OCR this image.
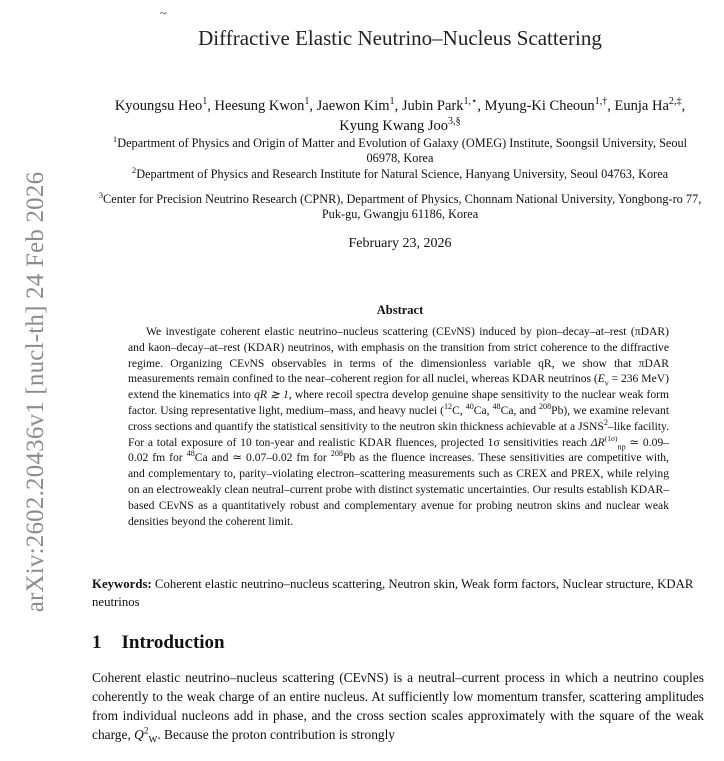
~
arXiv:2602.20436v1 [nucl-th] 24 Feb 2026
Diffractive Elastic Neutrino–Nucleus Scattering
Kyoungsu Heo$^1$, Heesung Kwon$^1$, Jaewon Kim$^1$, Jubin Park$^{1,⋆}$, Myung-Ki Cheoun$^{1,\dagger}$, Eunja $Ha^{2,\ddagger}$, Kyung Kwang Joo$^{3,\S}$
$^1$Department of Physics and Origin of Matter and Evolution of Galaxy (OMEG) Institute, Soongsil University, Seoul 06978, Korea
$^2$Department of Physics and Research Institute for Natural Science, Hanyang University, Seoul 04763, Korea
$^3$Center for Precision Neutrino Research (CPNR), Department of Physics, Chonnam National University, Yongbong-ro 77, Puk-gu, Gwangju 61186, Korea
February 23, 2026
Abstract
We investigate coherent elastic neutrino–nucleus scattering (CEνNS) induced by pion–decay–at–rest (πDAR) and kaon–decay–at–rest (KDAR) neutrinos, with emphasis on the transition from strict coherence to the diffractive regime. Organizing CEνNS observables in terms of the dimensionless variable qR, we show that πDAR measurements remain confined to the near–coherent region for all nuclei, whereas KDAR neutrinos ($E_\nu = 236$ MeV) extend the kinematics into qR ≳ 1, where recoil spectra develop genuine shape sensitivity to the nuclear weak form factor. Using representative light, medium–mass, and heavy nuclei ($^{12}$C, $^{40}$Ca, $^{48}$Ca, and $^{208}$Pb), we examine relevant cross sections and quantify the statistical sensitivity to the neutron skin thickness achievable at a JSNS$^2$–like facility. For a total exposure of 10 ton-year and realistic KDAR fluences, projected 1σ sensitivities reach $\Delta R^{(1\sigma)}_{np}$ ≃ 0.09–0.02 fm for $^{48}$Ca and ≃ 0.07–0.02 fm for $^{208}$Pb as the fluence increases. These sensitivities are competitive with, and complementary to, parity–violating electron–scattering measurements such as CREX and PREX, while relying on an electroweakly clean neutral–current probe with distinct systematic uncertainties. Our results establish KDAR–based CEνNS as a quantitatively robust and complementary avenue for probing neutron skins and nuclear weak densities beyond the coherent limit.
Keywords: Coherent elastic neutrino–nucleus scattering, Neutron skin, Weak form factors, Nuclear structure, KDAR neutrinos
1 Introduction
Coherent elastic neutrino–nucleus scattering (CEνNS) is a neutral–current process in which a neutrino couples coherently to the weak charge of an entire nucleus. At sufficiently low momentum transfer, scattering amplitudes from individual nucleons add in phase, and the cross section scales approximately with the square of the weak charge, $Q^2_W$. Because the proton contribution is strongly
